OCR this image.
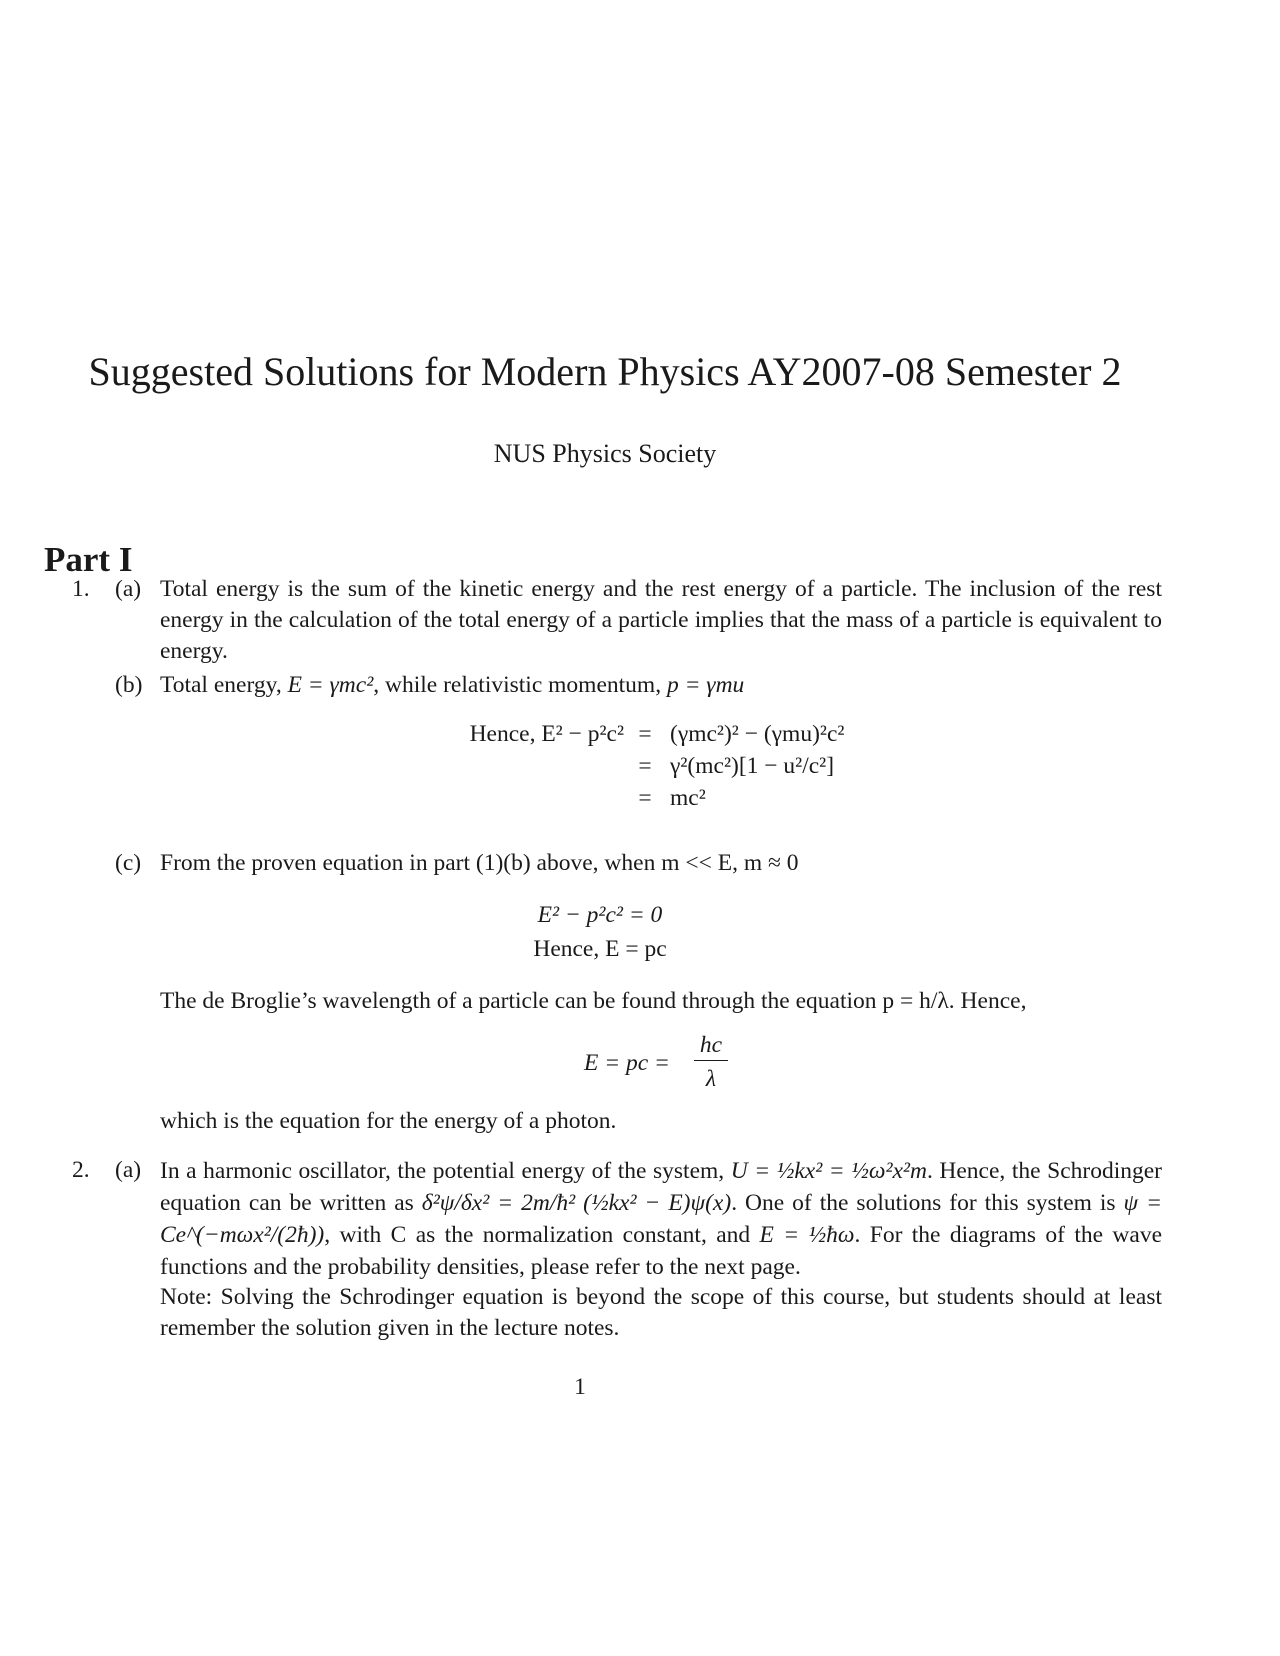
Suggested Solutions for Modern Physics AY2007-08 Semester 2
NUS Physics Society
Part I
1. (a) Total energy is the sum of the kinetic energy and the rest energy of a particle. The inclusion of the rest energy in the calculation of the total energy of a particle implies that the mass of a particle is equivalent to energy.
(b) Total energy, E = γmc², while relativistic momentum, p = γmu
Hence, E² − p²c² = (γmc²)² − (γmu)²c²
= γ²(mc²)[1 − u²/c²]
= mc²
(c) From the proven equation in part (1)(b) above, when m << E, m ≈ 0
E² − p²c² = 0
Hence, E = pc
The de Broglie’s wavelength of a particle can be found through the equation p = h/λ. Hence,
E = pc =
hc
λ
which is the equation for the energy of a photon.
2. (a) In a harmonic oscillator, the potential energy of the system, U = ½kx² = ½ω²x²m. Hence, the Schrodinger equation can be written as δ²ψ/δx² = 2m/ħ² (½kx² − E)ψ(x). One of the solutions for this system is ψ = Ce^(−mωx²/(2ħ)), with C as the normalization constant, and E = ½ħω. For the diagrams of the wave functions and the probability densities, please refer to the next page.
Note: Solving the Schrodinger equation is beyond the scope of this course, but students should at least remember the solution given in the lecture notes.
1
